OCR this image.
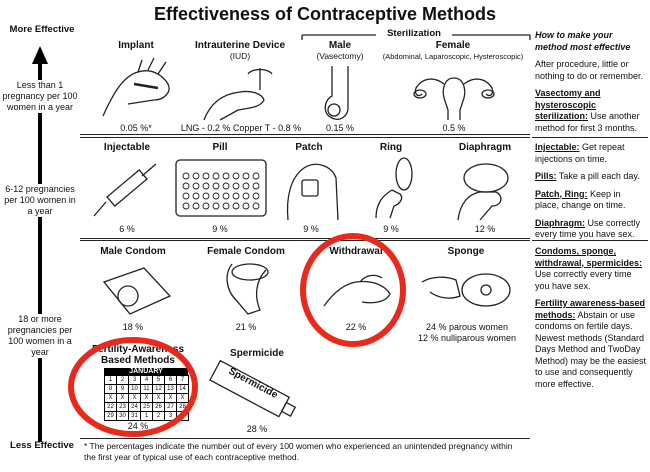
Effectiveness of Contraceptive Methods
More Effective
Less than 1 pregnancy per 100 women in a year
6-12 pregnancies per 100 women in a year
18 or more pregnancies per 100 women in a year
Less Effective
Sterilization
Implant
0.05 %*
Intrauterine Device
(IUD)
LNG - 0.2 % Copper T - 0.8 %
Male
(Vasectomy)
0.15 %
Female
(Abdominal, Laparoscopic, Hysteroscopic)
0.5 %
Injectable
6 %
Pill
9 %
Patch
9 %
Ring
9 %
Diaphragm
12 %
Male Condom
18 %
Female Condom
21 %
Withdrawal
22 %
Sponge
24 % parous women
12 % nulliparous women
Fertility-Awareness
Based Methods
JANUARY
1	2	3	4	5	6	7
8	9	10	11	12	13	14
X	X	X	X	X	X	X
22	23	24	25	26	27	28
29	30	31	1	2	3	4
24 %
Spermicide
Spermicide
28 %
* The percentages indicate the number out of every 100 women who experienced an unintended pregnancy within the first year of typical use of each contraceptive method.

How to make your method most effective

After procedure, little or nothing to do or remember.

Vasectomy and hysteroscopic sterilization: Use another method for first 3 months.

Injectable: Get repeat injections on time.

Pills: Take a pill each day.

Patch, Ring: Keep in place, change on time.

Diaphragm: Use correctly every time you have sex.

Condoms, sponge, withdrawal, spermicides: Use correctly every time you have sex.

Fertility awareness-based methods: Abstain or use condoms on fertile days. Newest methods (Standard Days Method and TwoDay Method) may be the easiest to use and consequently more effective.
